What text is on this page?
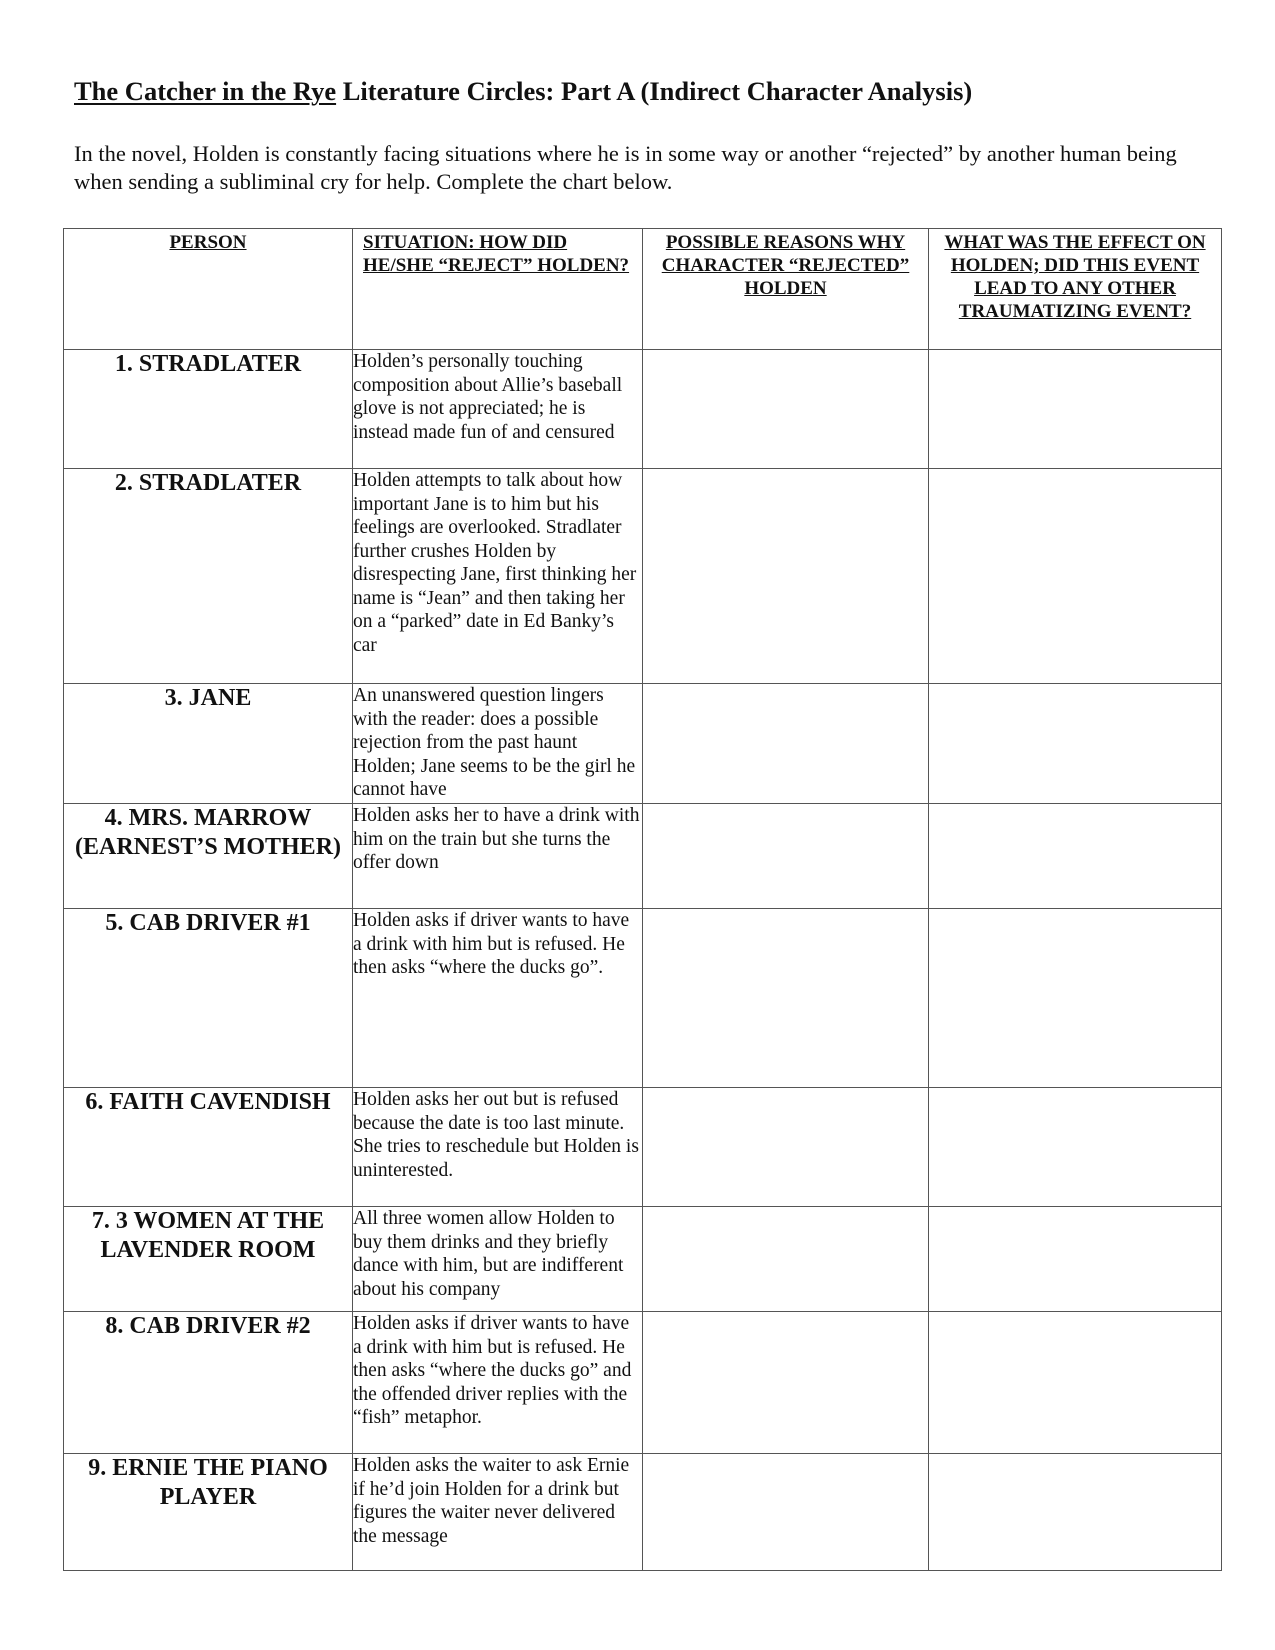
The Catcher in the Rye Literature Circles: Part A (Indirect Character Analysis)
In the novel, Holden is constantly facing situations where he is in some way or another “rejected” by another human being when sending a subliminal cry for help. Complete the chart below.
PERSON	SITUATION: HOW DID HE/SHE “REJECT” HOLDEN?	POSSIBLE REASONS WHY CHARACTER “REJECTED” HOLDEN	WHAT WAS THE EFFECT ON HOLDEN; DID THIS EVENT LEAD TO ANY OTHER TRAUMATIZING EVENT?
1. STRADLATER	Holden’s personally touching composition about Allie’s baseball glove is not appreciated; he is instead made fun of and censured		
2. STRADLATER	Holden attempts to talk about how important Jane is to him but his feelings are overlooked. Stradlater further crushes Holden by disrespecting Jane, first thinking her name is “Jean” and then taking her on a “parked” date in Ed Banky’s car		
3. JANE	An unanswered question lingers with the reader: does a possible rejection from the past haunt Holden; Jane seems to be the girl he cannot have		
4. MRS. MARROW (EARNEST’S MOTHER)	Holden asks her to have a drink with him on the train but she turns the offer down		
5. CAB DRIVER #1	Holden asks if driver wants to have a drink with him but is refused. He then asks “where the ducks go”.		
6. FAITH CAVENDISH	Holden asks her out but is refused because the date is too last minute. She tries to reschedule but Holden is uninterested.		
7. 3 WOMEN AT THE LAVENDER ROOM	All three women allow Holden to buy them drinks and they briefly dance with him, but are indifferent about his company		
8. CAB DRIVER #2	Holden asks if driver wants to have a drink with him but is refused. He then asks “where the ducks go” and the offended driver replies with the “fish” metaphor.		
9. ERNIE THE PIANO PLAYER	Holden asks the waiter to ask Ernie if he’d join Holden for a drink but figures the waiter never delivered the message		
